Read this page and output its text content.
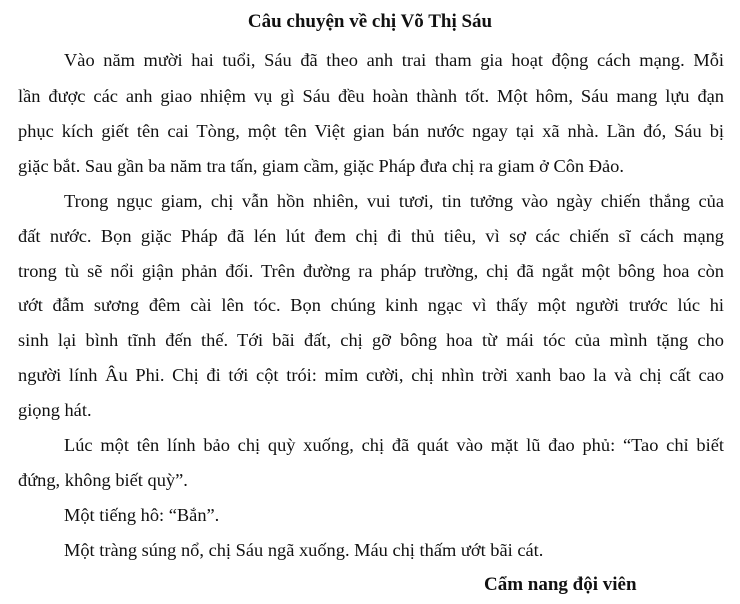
Câu chuyện về chị Võ Thị Sáu
Vào năm mười hai tuổi, Sáu đã theo anh trai tham gia hoạt động cách mạng. Mỗi
lần được các anh giao nhiệm vụ gì Sáu đều hoàn thành tốt. Một hôm, Sáu mang lựu đạn
phục kích giết tên cai Tòng, một tên Việt gian bán nước ngay tại xã nhà. Lần đó, Sáu bị
giặc bắt. Sau gần ba năm tra tấn, giam cầm, giặc Pháp đưa chị ra giam ở Côn Đảo.
Trong ngục giam, chị vẫn hồn nhiên, vui tươi, tin tưởng vào ngày chiến thắng của
đất nước. Bọn giặc Pháp đã lén lút đem chị đi thủ tiêu, vì sợ các chiến sĩ cách mạng
trong tù sẽ nổi giận phản đối. Trên đường ra pháp trường, chị đã ngắt một bông hoa còn
ướt đẫm sương đêm cài lên tóc. Bọn chúng kinh ngạc vì thấy một người trước lúc hi
sinh lại bình tĩnh đến thế. Tới bãi đất, chị gỡ bông hoa từ mái tóc của mình tặng cho
người lính Âu Phi. Chị đi tới cột trói: mỉm cười, chị nhìn trời xanh bao la và chị cất cao
giọng hát.
Lúc một tên lính bảo chị quỳ xuống, chị đã quát vào mặt lũ đao phủ: “Tao chỉ biết
đứng, không biết quỳ”.
Một tiếng hô: “Bắn”.
Một tràng súng nổ, chị Sáu ngã xuống. Máu chị thấm ướt bãi cát.
Cẩm nang đội viên
